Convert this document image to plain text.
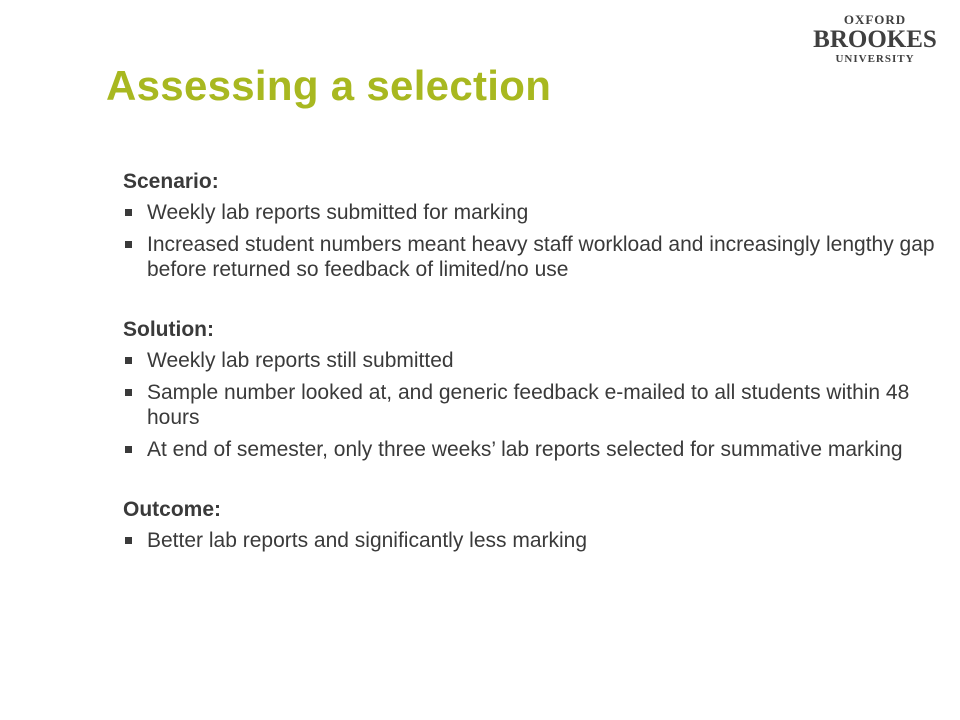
OXFORD
BROOKES
UNIVERSITY
Assessing a selection
Scenario:
Weekly lab reports submitted for marking
Increased student numbers meant heavy staff workload and increasingly lengthy gap before returned so feedback of limited/no use
Solution:
Weekly lab reports still submitted
Sample number looked at, and generic feedback e-mailed to all students within 48 hours
At end of semester, only three weeks’ lab reports selected for summative marking
Outcome:
Better lab reports and significantly less marking
